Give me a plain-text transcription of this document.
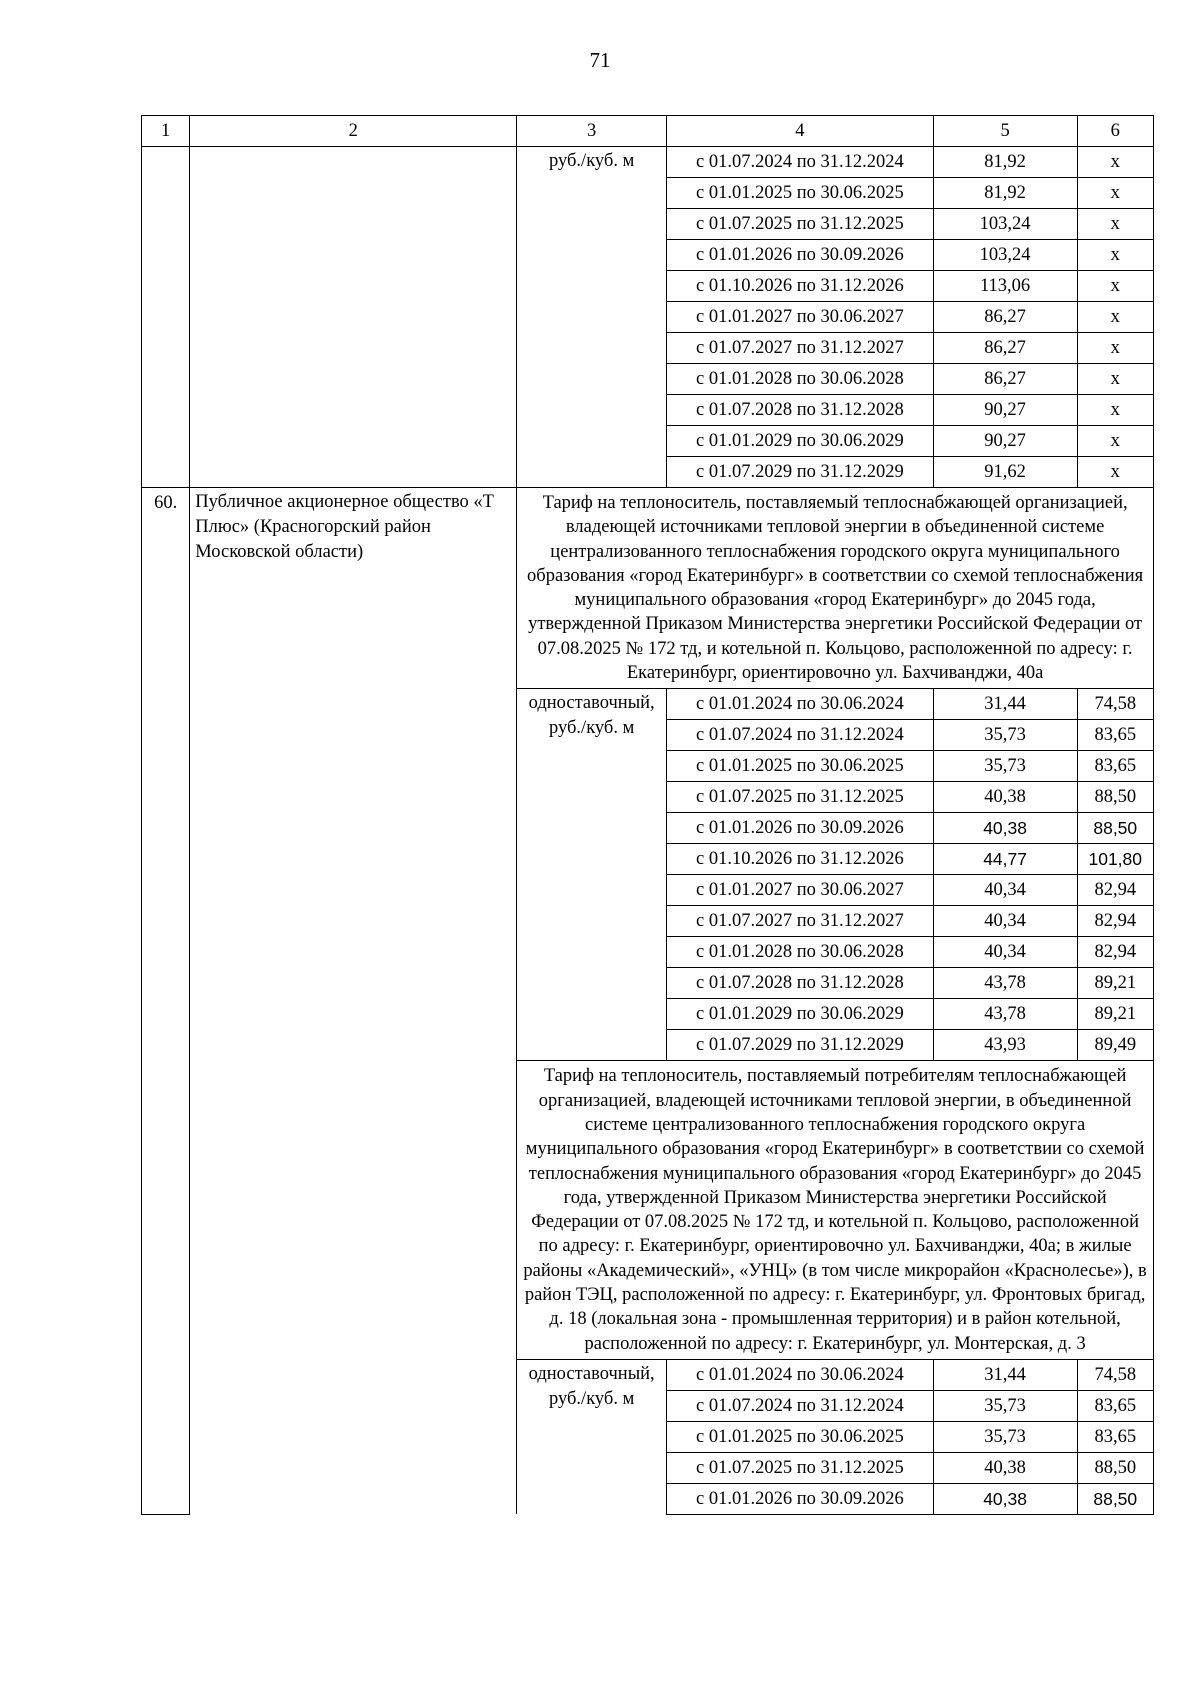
71
1	2	3	4	5	6
		руб./куб. м	с 01.07.2024 по 31.12.2024	81,92	х
			с 01.01.2025 по 30.06.2025	81,92	х
			с 01.07.2025 по 31.12.2025	103,24	х
			с 01.01.2026 по 30.09.2026	103,24	х
			с 01.10.2026 по 31.12.2026	113,06	х
			с 01.01.2027 по 30.06.2027	86,27	х
			с 01.07.2027 по 31.12.2027	86,27	х
			с 01.01.2028 по 30.06.2028	86,27	х
			с 01.07.2028 по 31.12.2028	90,27	х
			с 01.01.2029 по 30.06.2029	90,27	х
			с 01.07.2029 по 31.12.2029	91,62	х
60.	Публичное акционерное общество «Т Плюс» (Красногорский район Московской области)	Тариф на теплоноситель, поставляемый теплоснабжающей организацией, владеющей источниками тепловой энергии в объединенной системе централизованного теплоснабжения городского округа муниципального образования «город Екатеринбург» в соответствии со схемой теплоснабжения муниципального образования «город Екатеринбург» до 2045 года, утвержденной Приказом Министерства энергетики Российской Федерации от 07.08.2025 № 172 тд, и котельной п. Кольцово, расположенной по адресу: г. Екатеринбург, ориентировочно ул. Бахчиванджи, 40а			
		одноставочный, руб./куб. м	с 01.01.2024 по 30.06.2024	31,44	74,58
			с 01.07.2024 по 31.12.2024	35,73	83,65
			с 01.01.2025 по 30.06.2025	35,73	83,65
			с 01.07.2025 по 31.12.2025	40,38	88,50
			с 01.01.2026 по 30.09.2026	40,38	88,50
			с 01.10.2026 по 31.12.2026	44,77	101,80
			с 01.01.2027 по 30.06.2027	40,34	82,94
			с 01.07.2027 по 31.12.2027	40,34	82,94
			с 01.01.2028 по 30.06.2028	40,34	82,94
			с 01.07.2028 по 31.12.2028	43,78	89,21
			с 01.01.2029 по 30.06.2029	43,78	89,21
			с 01.07.2029 по 31.12.2029	43,93	89,49
		Тариф на теплоноситель, поставляемый потребителям теплоснабжающей организацией, владеющей источниками тепловой энергии, в объединенной системе централизованного теплоснабжения городского округа муниципального образования «город Екатеринбург» в соответствии со схемой теплоснабжения муниципального образования «город Екатеринбург» до 2045 года, утвержденной Приказом Министерства энергетики Российской Федерации от 07.08.2025 № 172 тд, и котельной п. Кольцово, расположенной по адресу: г. Екатеринбург, ориентировочно ул. Бахчиванджи, 40а; в жилые районы «Академический», «УНЦ» (в том числе микрорайон «Краснолесье»), в район ТЭЦ, расположенной по адресу: г. Екатеринбург, ул. Фронтовых бригад, д. 18 (локальная зона - промышленная территория) и в район котельной, расположенной по адресу: г. Екатеринбург, ул. Монтерская, д. 3			
		одноставочный, руб./куб. м	с 01.01.2024 по 30.06.2024	31,44	74,58
			с 01.07.2024 по 31.12.2024	35,73	83,65
			с 01.01.2025 по 30.06.2025	35,73	83,65
			с 01.07.2025 по 31.12.2025	40,38	88,50
			с 01.01.2026 по 30.09.2026	40,38	88,50
